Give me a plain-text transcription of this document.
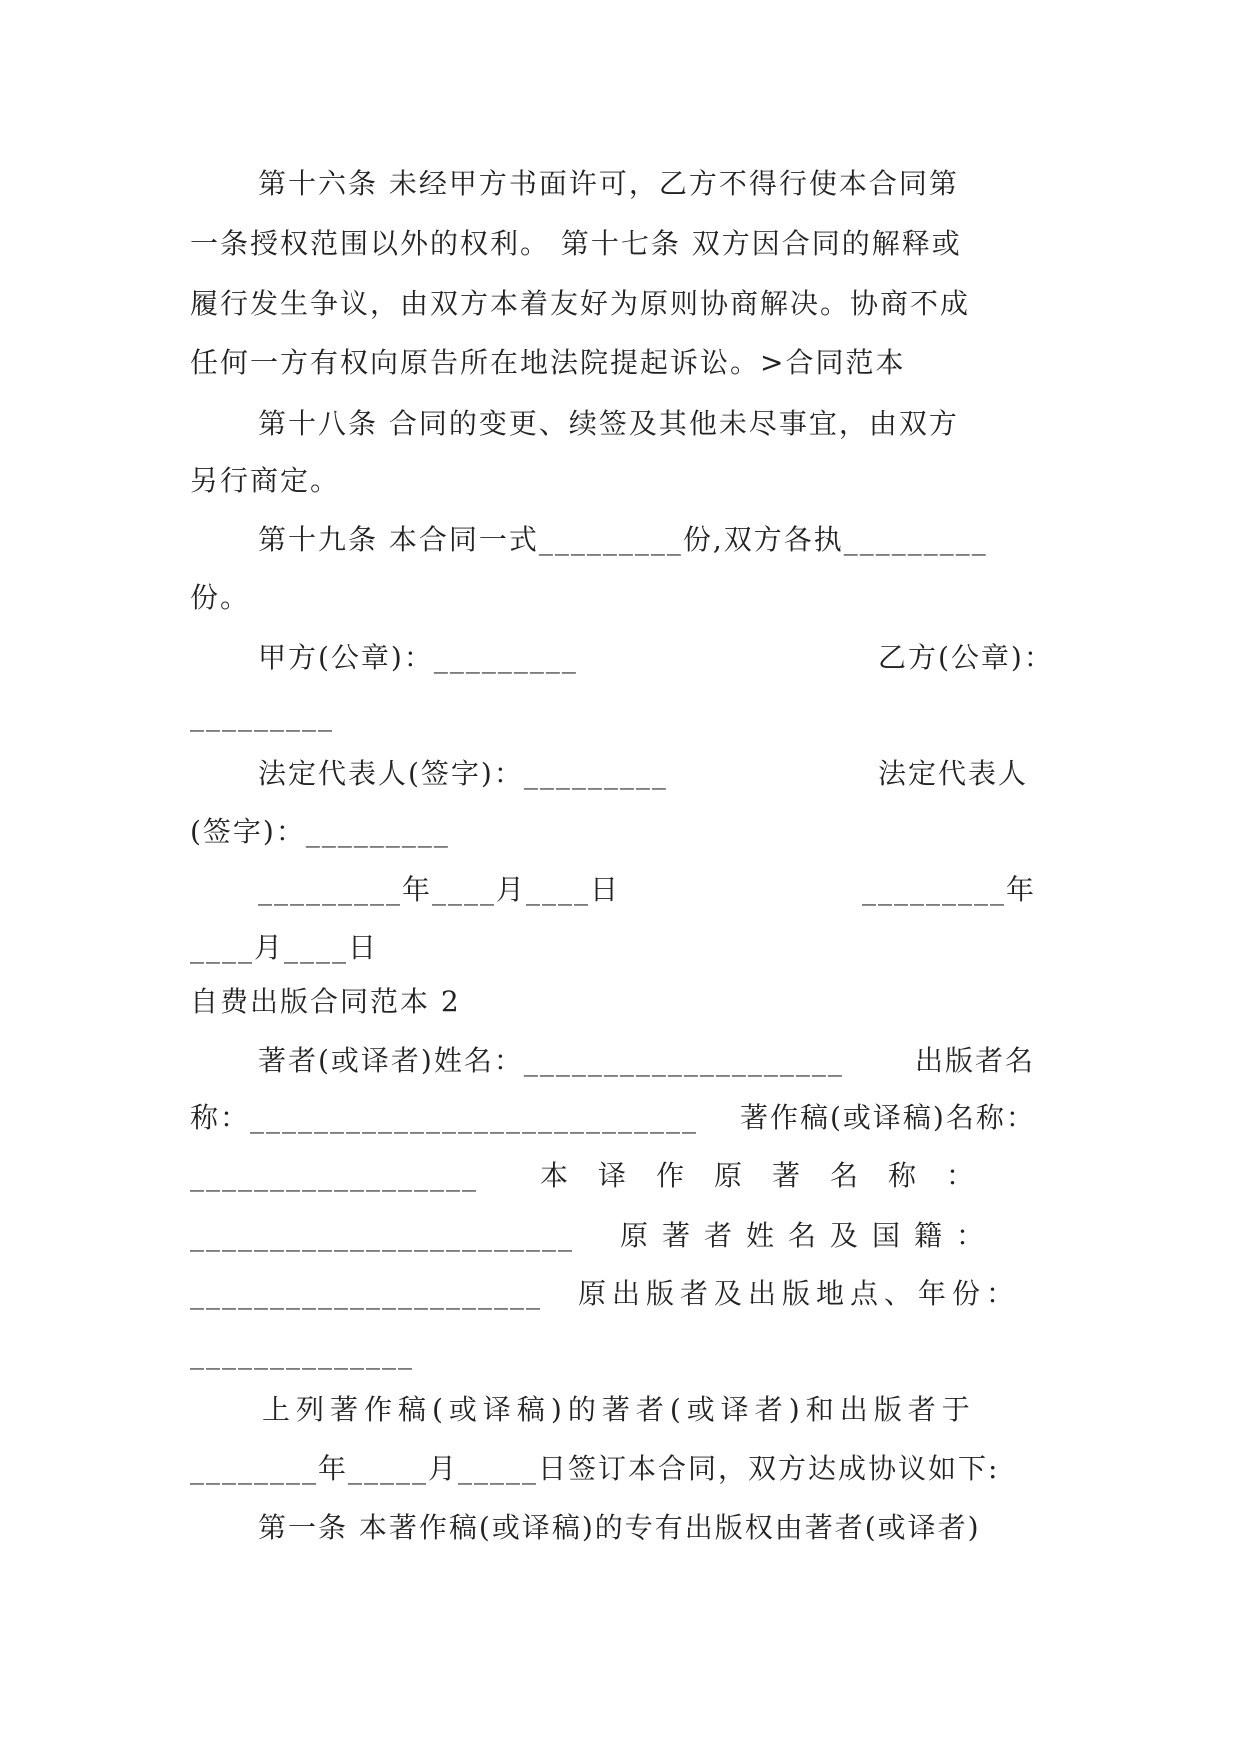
第十六条 未经甲方书面许可，乙方不得行使本合同第
一条授权范围以外的权利。 第十七条 双方因合同的解释或
履行发生争议，由双方本着友好为原则协商解决。协商不成
任何一方有权向原告所在地法院提起诉讼。>合同范本
第十八条 合同的变更、续签及其他未尽事宜，由双方
另行商定。
第十九条 本合同一式_________份,双方各执_________
份。
甲方(公章)：_________	乙方(公章)：
_________
法定代表人(签字)：_________	法定代表人
(签字)：_________
_________年____月____日	_________年
____月____日
自费出版合同范本 2
著者(或译者)姓名：____________________	出版者名
称：____________________________ 著作稿(或译稿)名称：
__________________ 本译作原著名称：
________________________ 原著者姓名及国籍：
______________________ 原出版者及出版地点、年份：
______________
上列著作稿(或译稿)的著者(或译者)和出版者于
________年_____月_____日签订本合同，双方达成协议如下:
第一条 本著作稿(或译稿)的专有出版权由著者(或译者)
